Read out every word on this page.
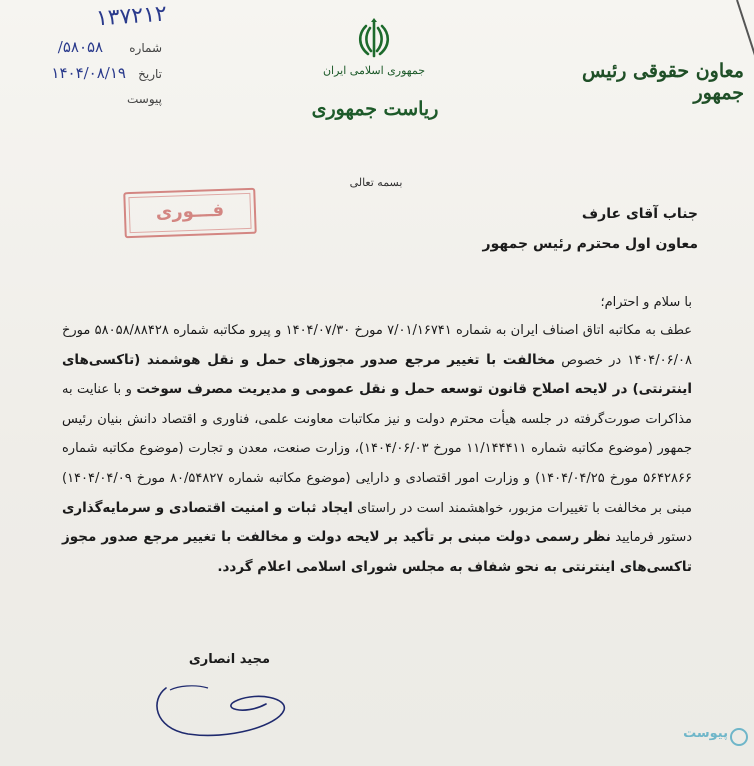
۱۳۷۲۱۲
شماره ۵۸۰۵۸/
تاریخ ۱۴۰۴/۰۸/۱۹
پیوست
جمهوری اسلامی ایران
ریاست جمهوری
معاون حقوقی رئیس جمهور
بسمه تعالی
فـــوری	جناب آقای عارف
معاون اول محترم رئیس جمهور
با سلام و احترام؛
عطف به مکاتبه اتاق اصناف ایران به شماره ۷/۰۱/۱۶۷۴۱ مورخ ۱۴۰۴/۰۷/۳۰ و پیرو مکاتبه شماره ۵۸۰۵۸/۸۸۴۲۸ مورخ ۱۴۰۴/۰۶/۰۸ در خصوص مخالفت با تغییر مرجع صدور مجوزهای حمل و نقل هوشمند (تاکسی‌های اینترنتی) در لایحه اصلاح قانون توسعه حمل و نقل عمومی و مدیریت مصرف سوخت و با عنایت به مذاکرات صورت‌گرفته در جلسه هیأت محترم دولت و نیز مکاتبات معاونت علمی، فناوری و اقتصاد دانش بنیان رئیس جمهور (موضوع مکاتبه شماره ۱۱/۱۴۴۴۱۱ مورخ ۱۴۰۴/۰۶/۰۳)، وزارت صنعت، معدن و تجارت (موضوع مکاتبه شماره ۵۶۴۲۸۶۶ مورخ ۱۴۰۴/۰۴/۲۵) و وزارت امور اقتصادی و دارایی (موضوع مکاتبه شماره ۸۰/۵۴۸۲۷ مورخ ۱۴۰۴/۰۴/۰۹) مبنی بر مخالفت با تغییرات مزبور، خواهشمند است در راستای ایجاد ثبات و امنیت اقتصادی و سرمایه‌گذاری دستور فرمایید نظر رسمی دولت مبنی بر تأکید بر لایحه دولت و مخالفت با تغییر مرجع صدور مجوز تاکسی‌های اینترنتی به نحو شفاف به مجلس شورای اسلامی اعلام گردد.
مجید انصاری
پیوست
